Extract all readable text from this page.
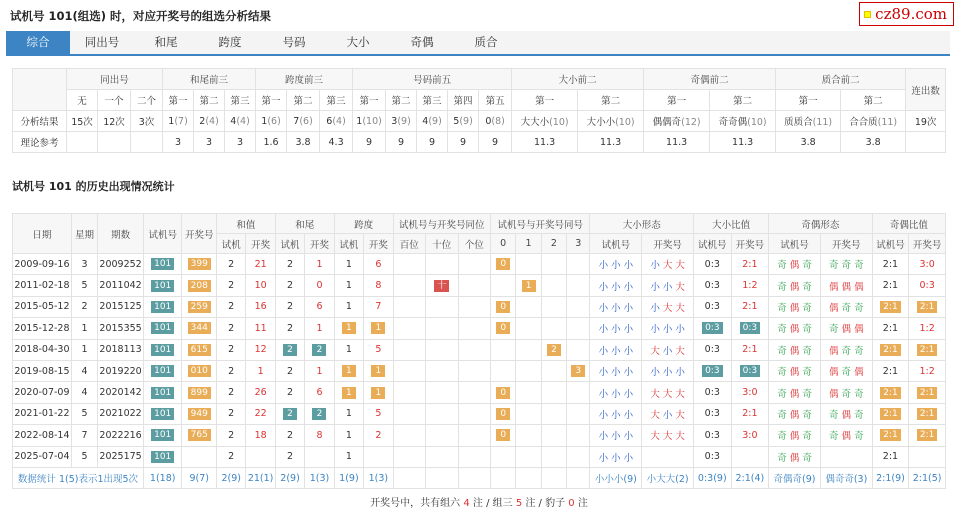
试机号 101(组选) 时，对应开奖号的组选分析结果	cz89.com
综合	同出号	和尾	跨度	号码	大小	奇偶	质合
	同出号			和尾前三			跨度前三			号码前五					大小前二		奇偶前二		质合前二		连出数
	无	一个	二个	第一	第二	第三	第一	第二	第三	第一	第二	第三	第四	第五	第一	第二	第一	第二	第一	第二	
分析结果	15次	12次	3次	1(7)	2(4)	4(4)	1(6)	7(6)	6(4)	1(10)	3(9)	4(9)	5(9)	0(8)	大大小(10)	大小小(10)	偶偶奇(12)	奇奇偶(10)	质质合(11)	合合质(11)	19次
理论参考				3	3	3	1.6	3.8	4.3	9	9	9	9	9	11.3	11.3	11.3	11.3	3.8	3.8	
试机号 101 的历史出现情况统计
日期	星期	期数	试机号	开奖号	和值		和尾		跨度		试机号与开奖号同位			试机号与开奖号同号				大小形态		大小比值		奇偶形态		奇偶比值	
					试机	开奖	试机	开奖	试机	开奖	百位	十位	个位	0	1	2	3	试机号	开奖号	试机号	开奖号	试机号	开奖号	试机号	开奖号
2009-09-16	3	2009252	101	399	2	21	2	1	1	6				0				小 小 小	小 大 大	0:3	2:1	奇 偶 奇	奇 奇 奇	2:1	3:0
2011-02-18	5	2011042	101	208	2	10	2	0	1	8		十			1			小 小 小	小 小 大	0:3	1:2	奇 偶 奇	偶 偶 偶	2:1	0:3
2015-05-12	2	2015125	101	259	2	16	2	6	1	7				0				小 小 小	小 大 大	0:3	2:1	奇 偶 奇	偶 奇 奇	2:1	2:1
2015-12-28	1	2015355	101	344	2	11	2	1	1	1				0				小 小 小	小 小 小	0:3	0:3	奇 偶 奇	奇 偶 偶	2:1	1:2
2018-04-30	1	2018113	101	615	2	12	2	2	1	5						2		小 小 小	大 小 大	0:3	2:1	奇 偶 奇	偶 奇 奇	2:1	2:1
2019-08-15	4	2019220	101	010	2	1	2	1	1	1							3	小 小 小	小 小 小	0:3	0:3	奇 偶 奇	偶 奇 偶	2:1	1:2
2020-07-09	4	2020142	101	899	2	26	2	6	1	1				0				小 小 小	大 大 大	0:3	3:0	奇 偶 奇	偶 奇 奇	2:1	2:1
2021-01-22	5	2021022	101	949	2	22	2	2	1	5				0				小 小 小	大 小 大	0:3	2:1	奇 偶 奇	奇 偶 奇	2:1	2:1
2022-08-14	7	2022216	101	765	2	18	2	8	1	2				0				小 小 小	大 大 大	0:3	3:0	奇 偶 奇	奇 偶 奇	2:1	2:1
2025-07-04	5	2025175	101		2		2		1									小 小 小		0:3		奇 偶 奇		2:1	
数据统计 1(5)表示1出现5次			1(18)	9(7)	2(9)	21(1)	2(9)	1(3)	1(9)	1(3)								小小小(9)	小大大(2)	0:3(9)	2:1(4)	奇偶奇(9)	偶奇奇(3)	2:1(9)	2:1(5)
开奖号中，共有组六 4 注 / 组三 5 注 / 豹子 0 注
